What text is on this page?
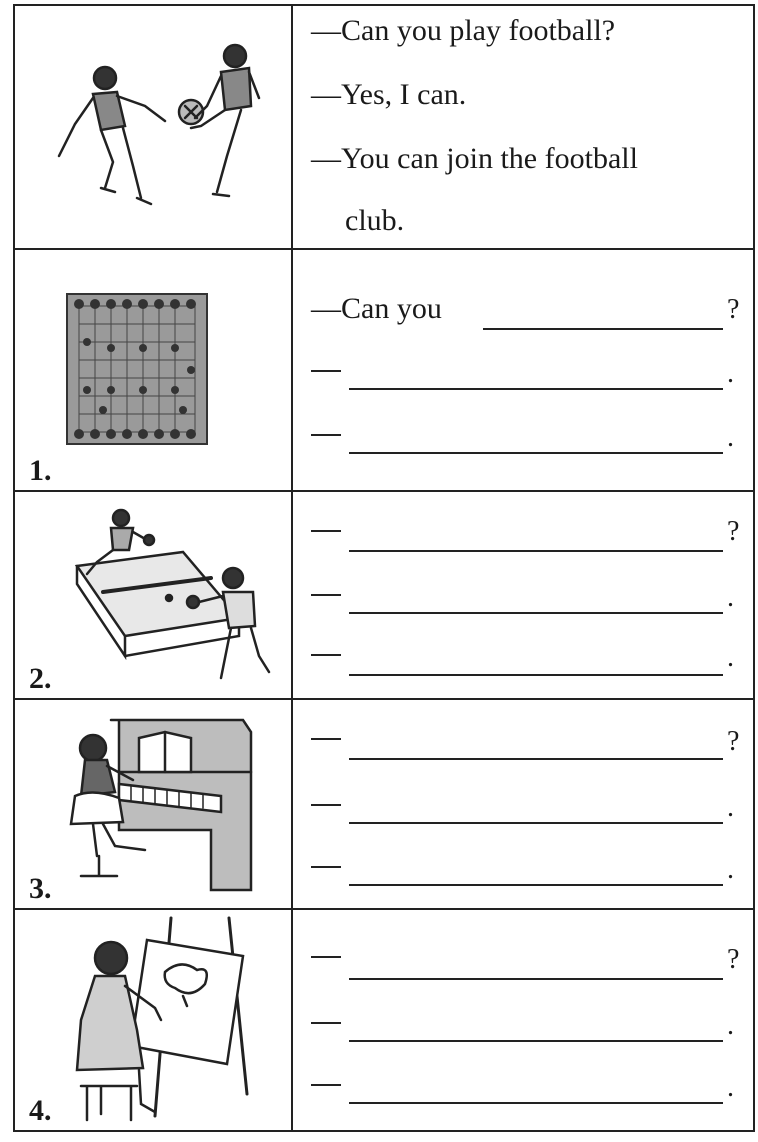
—Can you play football?
—Yes, I can.
—You can join the football
club.
1.
—Can you	?
.
.
2.
?
.
.
3.
?
.
.
4.
?
.
.
